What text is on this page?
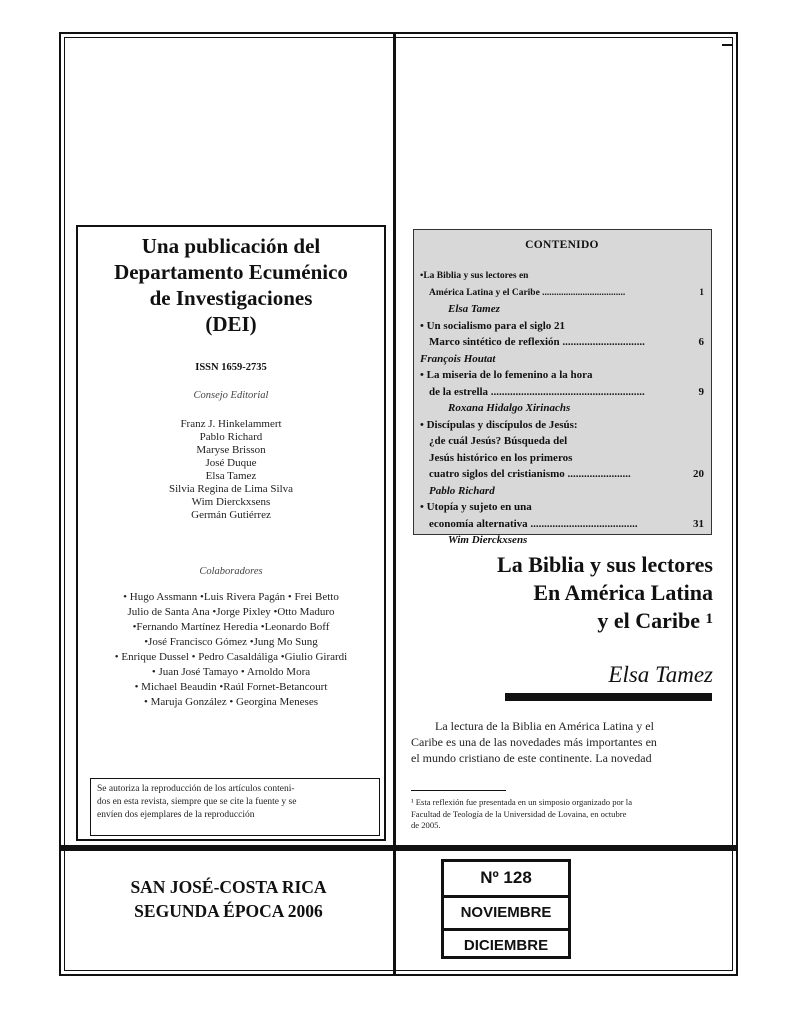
Una publicación del
Departamento Ecuménico
de Investigaciones
(DEI)
ISSN 1659-2735
Consejo Editorial
Franz J. Hinkelammert
Pablo Richard
Maryse Brisson
José Duque
Elsa Tamez
Silvia Regina de Lima Silva
Wim Dierckxsens
Germán Gutiérrez
Colaboradores
• Hugo Assmann •Luis Rivera Pagán • Frei Betto
Julio de Santa Ana •Jorge Pixley •Otto Maduro
•Fernando Martínez Heredia •Leonardo Boff
•José Francisco Gómez •Jung Mo Sung
• Enrique Dussel • Pedro Casaldáliga •Giulio Girardi
• Juan José Tamayo • Arnoldo Mora
• Michael Beaudin •Raúl Fornet-Betancourt
• Maruja González • Georgina Meneses
Se autoriza la reproducción de los artículos conteni-
dos en esta revista, siempre que se cite la fuente y se
envíen dos ejemplares de la reproducción
CONTENIDO
•La Biblia y sus lectores en
América Latina y el Caribe ...................................	1
Elsa Tamez
• Un socialismo para el siglo 21
Marco sintético de reflexión ..............................	6
François Houtat
• La miseria de lo femenino a la hora
de la estrella ........................................................	9
Roxana Hidalgo Xirinachs
• Discípulas y discípulos de Jesús:
¿de cuál Jesús? Búsqueda del
Jesús histórico en los primeros
cuatro siglos del cristianismo .......................	20
Pablo Richard
• Utopía y sujeto en una
economía alternativa .......................................	31
Wim Dierckxsens
La Biblia y sus lectores
En América Latina
y el Caribe $^1$
Elsa Tamez
La lectura de la Biblia en América Latina y el
Caribe es una de las novedades más importantes en
el mundo cristiano de este continente. La novedad
¹ Esta reflexión fue presentada en un simposio organizado por la
Facultad de Teología de la Universidad de Lovaina, en octubre
de 2005.
SAN JOSÉ-COSTA RICA
SEGUNDA ÉPOCA 2006
Nº 128
NOVIEMBRE
DICIEMBRE
